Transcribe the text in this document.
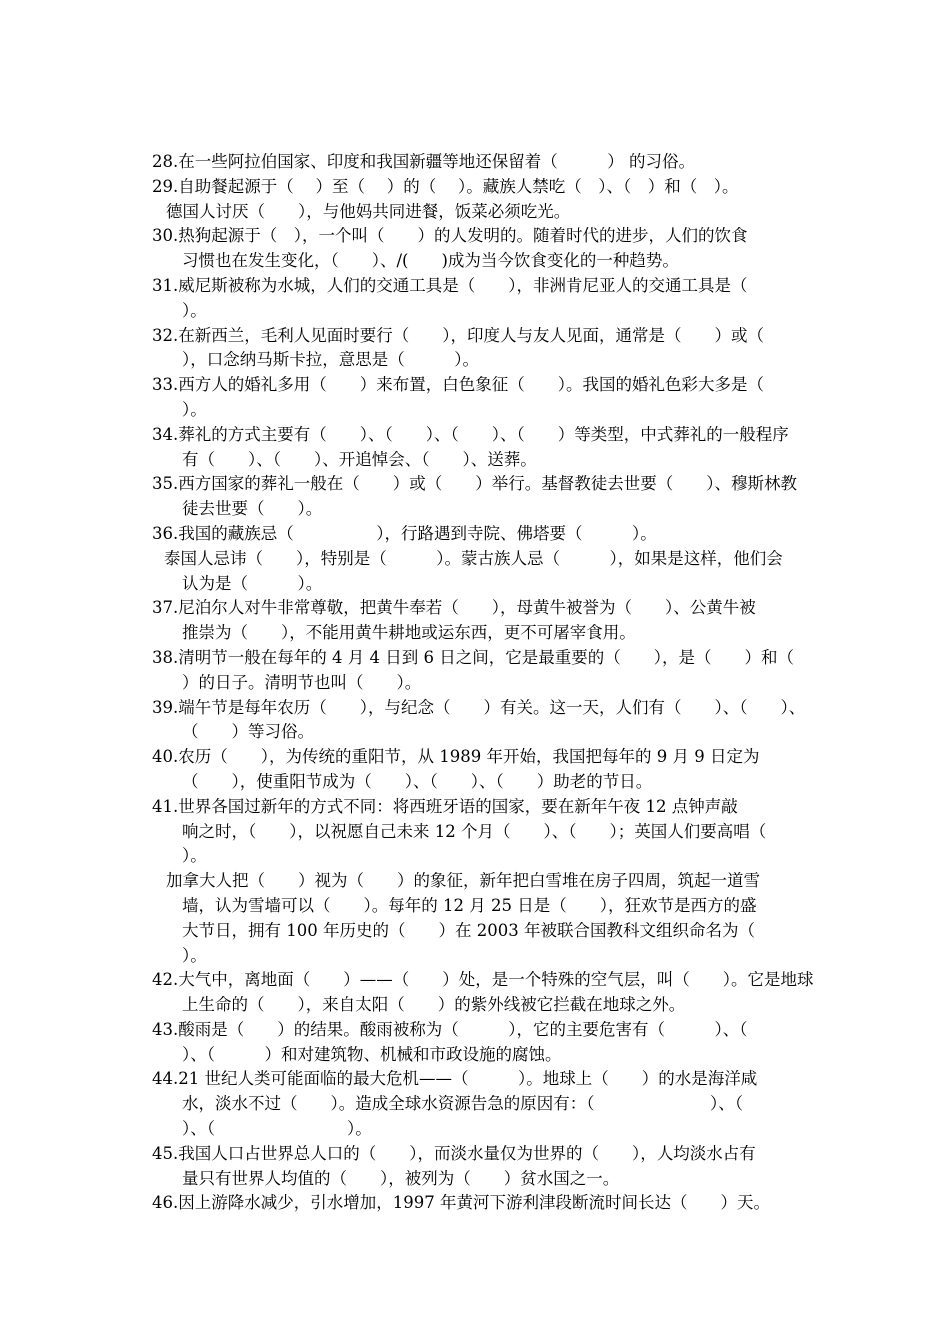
28.在一些阿拉伯国家、印度和我国新疆等地还保留着（　　　） 的习俗。
29.自助餐起源于（　 ）至（　 ）的（　 ）。藏族人禁吃（　）、（　）和（　）。
德国人讨厌（　　），与他妈共同进餐，饭菜必须吃光。
30.热狗起源于（　），一个叫（　　）的人发明的。随着时代的进步，人们的饮食
习惯也在发生变化，（　　）、/(　　)成为当今饮食变化的一种趋势。
31.威尼斯被称为水城，人们的交通工具是（　　），非洲肯尼亚人的交通工具是（
）。
32.在新西兰，毛利人见面时要行（　　），印度人与友人见面，通常是（　　）或（
），口念纳马斯卡拉，意思是（　　　）。
33.西方人的婚礼多用（　　）来布置，白色象征（　　）。我国的婚礼色彩大多是（
）。
34.葬礼的方式主要有（　　）、（　　）、（　　）、（　　）等类型，中式葬礼的一般程序
有（　　）、（　　）、开追悼会、（　　）、送葬。
35.西方国家的葬礼一般在（　　）或（　　）举行。基督教徒去世要（　　）、穆斯林教
徒去世要（　　）。
36.我国的藏族忌（　　　　　），行路遇到寺院、佛塔要（　　　）。
泰国人忌讳（　　），特别是（　　　）。蒙古族人忌（　　　），如果是这样，他们会
认为是（　　　）。
37.尼泊尔人对牛非常尊敬，把黄牛奉若（　　），母黄牛被誉为（　　）、公黄牛被
推崇为（　　），不能用黄牛耕地或运东西，更不可屠宰食用。
38.清明节一般在每年的 4 月 4 日到 6 日之间，它是最重要的（　　），是（　　）和（
）的日子。清明节也叫（　　）。
39.端午节是每年农历（　　），与纪念（　　）有关。这一天，人们有（　　）、（　　）、
（　　）等习俗。
40.农历（　　），为传统的重阳节，从 1989 年开始，我国把每年的 9 月 9 日定为
（　　），使重阳节成为（　　）、（　　）、（　　）助老的节日。
41.世界各国过新年的方式不同：将西班牙语的国家，要在新年午夜 12 点钟声敲
响之时，（　　），以祝愿自己未来 12 个月（　　）、（　　）；英国人们要高唱（
）。
加拿大人把（　　）视为（　　）的象征，新年把白雪堆在房子四周，筑起一道雪
墙，认为雪墙可以（　　）。每年的 12 月 25 日是（　　），狂欢节是西方的盛
大节日，拥有 100 年历史的（　　）在 2003 年被联合国教科文组织命名为（
）。
42.大气中，离地面（　　）——（　　）处，是一个特殊的空气层，叫（　　）。它是地球
上生命的（　　），来自太阳（　　）的紫外线被它拦截在地球之外。
43.酸雨是（　　）的结果。酸雨被称为（　　　），它的主要危害有（　　　）、（
）、（　　　）和对建筑物、机械和市政设施的腐蚀。
44.21 世纪人类可能面临的最大危机——（　　　）。地球上（　　）的水是海洋咸
水，淡水不过（　　）。造成全球水资源告急的原因有：（　　　　　　　）、（
）、（　　　　　　　　）。
45.我国人口占世界总人口的（　　），而淡水量仅为世界的（　　），人均淡水占有
量只有世界人均值的（　　），被列为（　　）贫水国之一。
46.因上游降水减少，引水增加，1997 年黄河下游利津段断流时间长达（　　）天。
